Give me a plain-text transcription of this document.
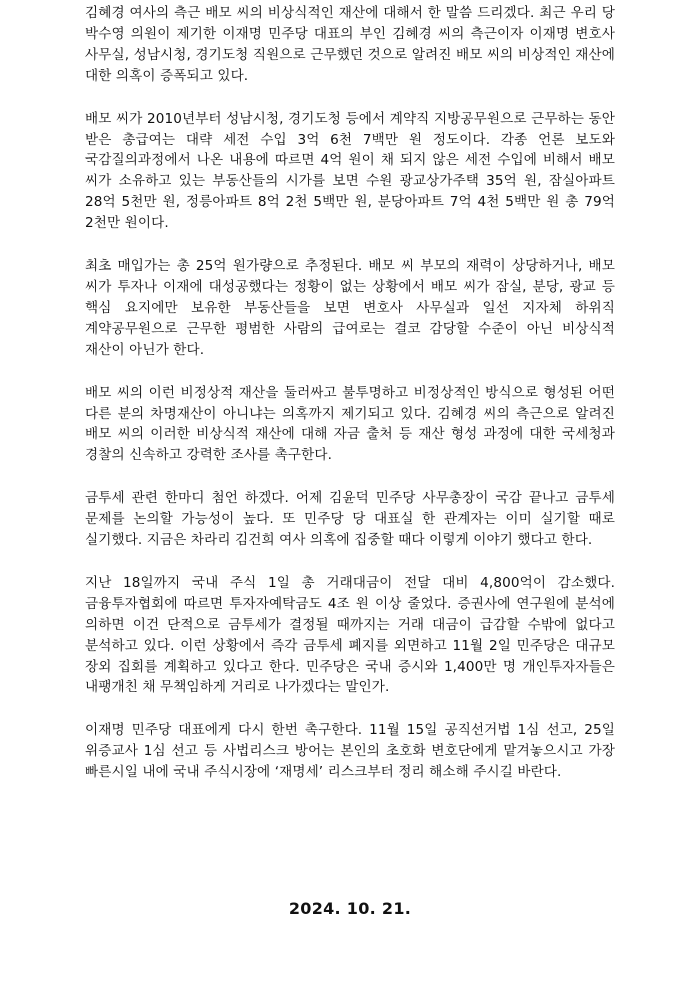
김혜경 여사의 측근 배모 씨의 비상식적인 재산에 대해서 한 말씀 드리겠다. 최근 우리 당 박수영 의원이 제기한 이재명 민주당 대표의 부인 김혜경 씨의 측근이자 이재명 변호사 사무실, 성남시청, 경기도청 직원으로 근무했던 것으로 알려진 배모 씨의 비상적인 재산에 대한 의혹이 증폭되고 있다.

배모 씨가 2010년부터 성남시청, 경기도청 등에서 계약직 지방공무원으로 근무하는 동안 받은 총급여는 대략 세전 수입 3억 6천 7백만 원 정도이다. 각종 언론 보도와 국감질의과정에서 나온 내용에 따르면 4억 원이 채 되지 않은 세전 수입에 비해서 배모 씨가 소유하고 있는 부동산들의 시가를 보면 수원 광교상가주택 35억 원, 잠실아파트 28억 5천만 원, 정릉아파트 8억 2천 5백만 원, 분당아파트 7억 4천 5백만 원 총 79억 2천만 원이다.

최초 매입가는 총 25억 원가량으로 추정된다. 배모 씨 부모의 재력이 상당하거나, 배모 씨가 투자나 이재에 대성공했다는 정황이 없는 상황에서 배모 씨가 잠실, 분당, 광교 등 핵심 요지에만 보유한 부동산들을 보면 변호사 사무실과 일선 지자체 하위직 계약공무원으로 근무한 평범한 사람의 급여로는 결코 감당할 수준이 아닌 비상식적 재산이 아닌가 한다.

배모 씨의 이런 비정상적 재산을 둘러싸고 불투명하고 비정상적인 방식으로 형성된 어떤 다른 분의 차명재산이 아니냐는 의혹까지 제기되고 있다. 김혜경 씨의 측근으로 알려진 배모 씨의 이러한 비상식적 재산에 대해 자금 출처 등 재산 형성 과정에 대한 국세청과 경찰의 신속하고 강력한 조사를 촉구한다.

금투세 관련 한마디 첨언 하겠다. 어제 김윤덕 민주당 사무총장이 국감 끝나고 금투세 문제를 논의할 가능성이 높다. 또 민주당 당 대표실 한 관계자는 이미 실기할 때로 실기했다. 지금은 차라리 김건희 여사 의혹에 집중할 때다 이렇게 이야기 했다고 한다.

지난 18일까지 국내 주식 1일 총 거래대금이 전달 대비 4,800억이 감소했다. 금융투자협회에 따르면 투자자예탁금도 4조 원 이상 줄었다. 증권사에 연구원에 분석에 의하면 이건 단적으로 금투세가 결정될 때까지는 거래 대금이 급감할 수밖에 없다고 분석하고 있다. 이런 상황에서 즉각 금투세 폐지를 외면하고 11월 2일 민주당은 대규모 장외 집회를 계획하고 있다고 한다. 민주당은 국내 증시와 1,400만 명 개인투자자들은 내팽개친 채 무책임하게 거리로 나가겠다는 말인가.

이재명 민주당 대표에게 다시 한번 촉구한다. 11월 15일 공직선거법 1심 선고, 25일 위증교사 1심 선고 등 사법리스크 방어는 본인의 초호화 변호단에게 맡겨놓으시고 가장 빠른시일 내에 국내 주식시장에 ‘재명세’ 리스크부터 정리 해소해 주시길 바란다.

2024. 10. 21.
